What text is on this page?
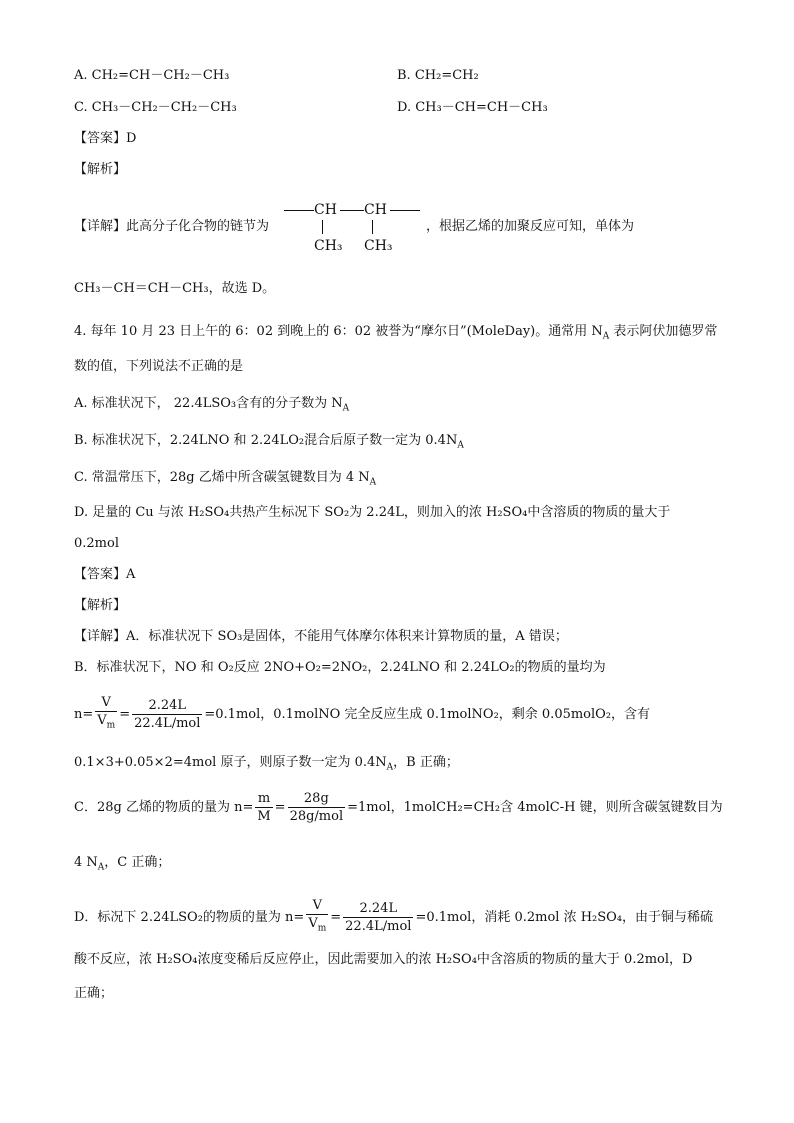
A. CH₂=CH－CH₂－CH₃	B. CH₂=CH₂
C. CH₃－CH₂－CH₂－CH₃	D. CH₃－CH=CH－CH₃
【答案】D
【解析】
【详解】此高分子化合物的链节为
CH CH
CH₃ CH₃
，根据乙烯的加聚反应可知，单体为
CH₃－CH＝CH－CH₃，故选 D。
4. 每年 10 月 23 日上午的 6：02 到晚上的 6：02 被誉为“摩尔日”(MoleDay)。通常用 $N_A$ 表示阿伏加德罗常
数的值，下列说法不正确的是
A. 标准状况下， 22.4LSO₃含有的分子数为 $N_A$
B. 标准状况下，2.24LNO 和 2.24LO₂混合后原子数一定为 $0.4N_A$
C. 常温常压下，28g 乙烯中所含碳氢键数目为 4 $N_A$
D. 足量的 Cu 与浓 H₂SO₄共热产生标况下 SO₂为 2.24L，则加入的浓 H₂SO₄中含溶质的物质的量大于
0.2mol
【答案】A
【解析】
【详解】A．标准状况下 SO₃是固体，不能用气体摩尔体积来计算物质的量，A 错误；
B．标准状况下，NO 和 O₂反应 2NO+O₂=2NO₂，2.24LNO 和 2.24LO₂的物质的量均为
$n= \frac{V}{V_m} = \frac{2.24L}{\text{22.4L/mol}} =0.1mol$，0.1molNO 完全反应生成 0.1molNO₂，剩余 0.05molO₂，含有
0.1×3+0.05×2=4mol 原子，则原子数一定为 $0.4N_A$，B 正确；
C．28g 乙烯的物质的量为 $n= \frac{m}{M} = \frac{28g}{\text{28g/mol}} =1mol$，1molCH₂=CH₂含 4molC-H 键，则所含碳氢键数目为
4 $N_A$，C 正确；
D．标况下 2.24LSO₂的物质的量为 $n= \frac{V}{V_m} = \frac{2.24L}{\text{22.4L/mol}} =0.1mol$，消耗 0.2mol 浓 H₂SO₄，由于铜与稀硫
酸不反应，浓 H₂SO₄浓度变稀后反应停止，因此需要加入的浓 H₂SO₄中含溶质的物质的量大于 0.2mol，D
正确；
